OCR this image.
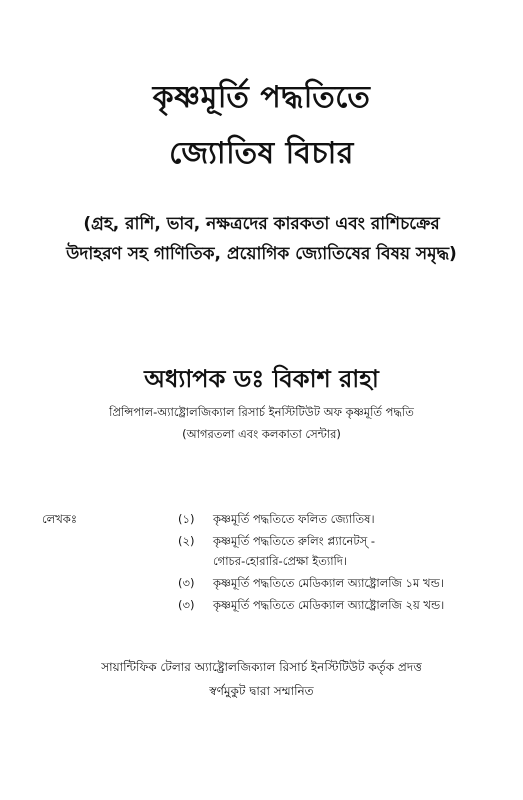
কৃষ্ণমূর্তি পদ্ধতিতে
জ্যোতিষ বিচার
(গ্রহ, রাশি, ভাব, নক্ষত্রদের কারকতা এবং রাশিচক্রের
উদাহরণ সহ গাণিতিক, প্রয়োগিক জ্যোতিষের বিষয় সমৃদ্ধ)
অধ্যাপক ডঃ বিকাশ রাহা
প্রিন্সিপাল-অ্যাষ্ট্রোলজিক্যাল রিসার্চ ইনস্টিটিউট অফ কৃষ্ণমূর্তি পদ্ধতি
(আগরতলা এবং কলকাতা সেন্টার)
লেখকঃ	(১)	কৃষ্ণমূর্তি পদ্ধতিতে ফলিত জ্যোতিষ।
(২)	কৃষ্ণমূর্তি পদ্ধতিতে রুলিং প্ল্যানেটস্ -
গোচর-হোরারি-প্রেক্ষা ইত্যাদি।
(৩)	কৃষ্ণমূর্তি পদ্ধতিতে মেডিক্যাল অ্যাষ্ট্রোলজি ১ম খন্ড।
(৩)	কৃষ্ণমূর্তি পদ্ধতিতে মেডিক্যাল অ্যাষ্ট্রোলজি ২য় খন্ড।
সায়ান্টিফিক টেলার অ্যাষ্ট্রোলজিক্যাল রিসার্চ ইনস্টিটিউট কর্তৃক প্রদত্ত
স্বর্ণমুকুট দ্বারা সম্মানিত
